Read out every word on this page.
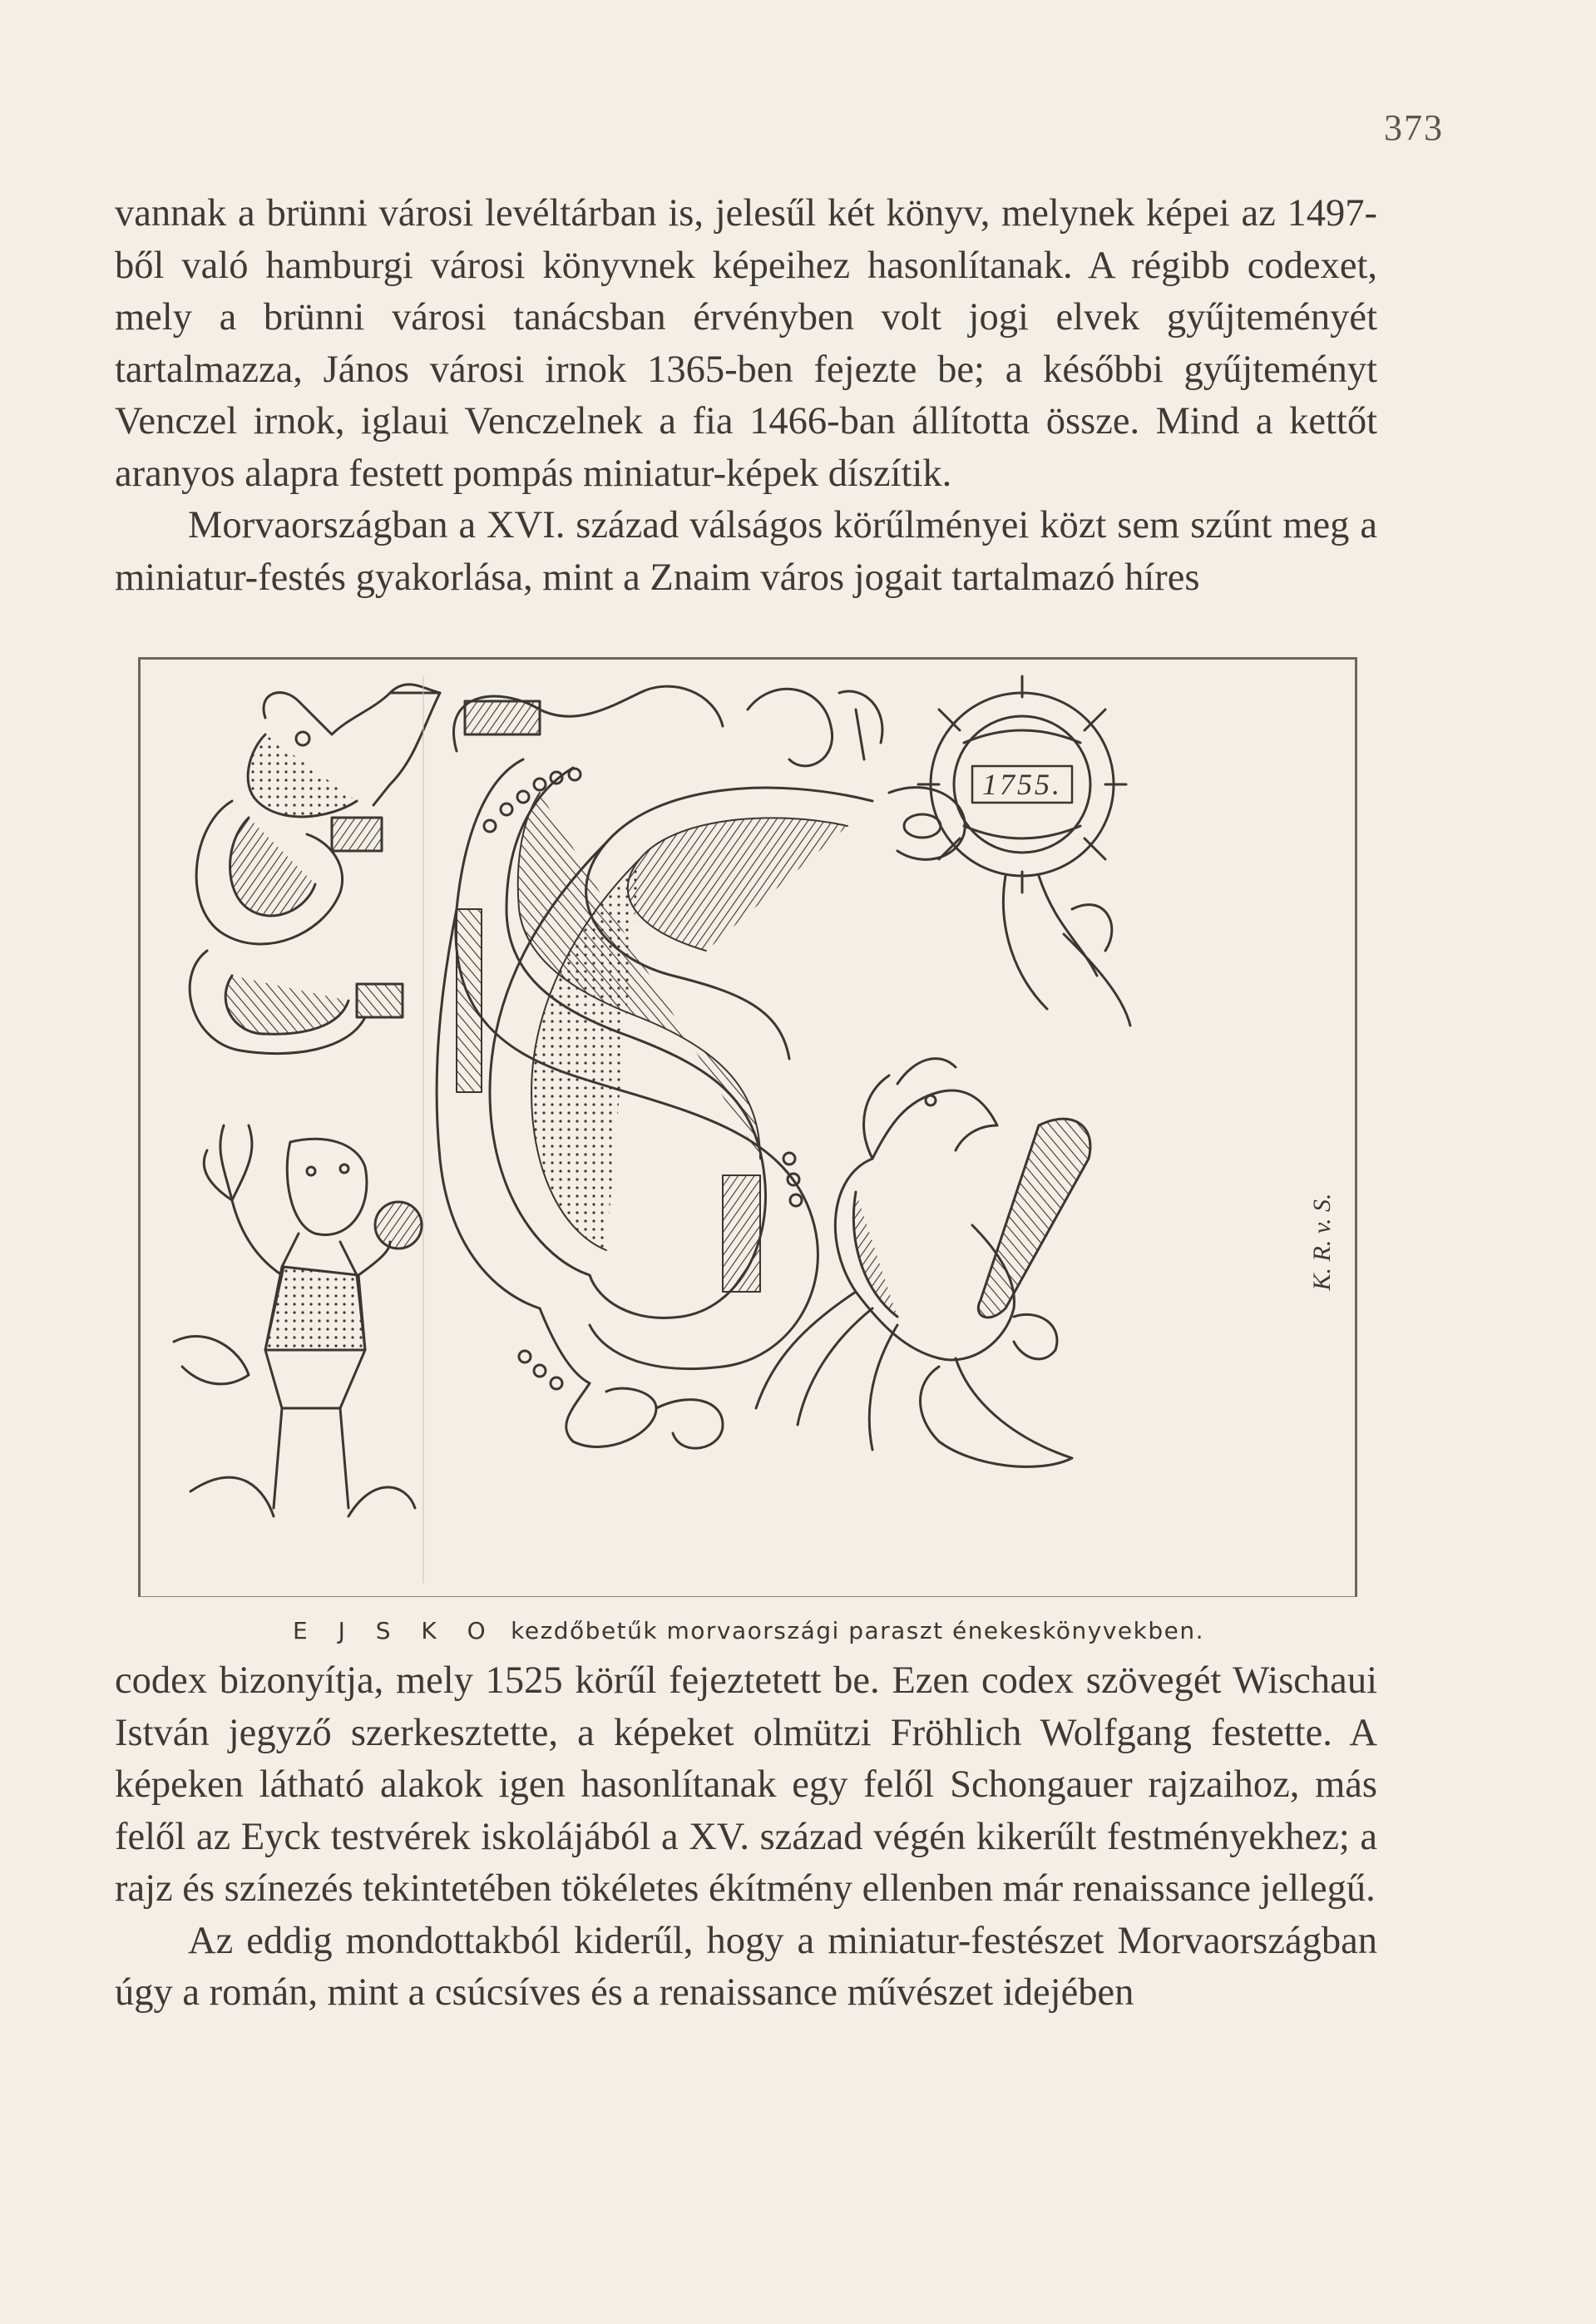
373

vannak a brünni városi levéltárban is, jelesűl két könyv, melynek képei az 1497-ből való hamburgi városi könyvnek képeihez hasonlítanak. A régibb codexet, mely a brünni városi tanácsban érvényben volt jogi elvek gyűjteményét tartalmazza, János városi irnok 1365-ben fejezte be; a későbbi gyűjteményt Venczel irnok, iglaui Venczelnek a fia 1466-ban állította össze. Mind a kettőt aranyos alapra festett pompás miniatur-képek díszítik.

Morvaországban a XVI. század válságos körűlményei közt sem szűnt meg a miniatur-festés gyakorlása, mint a Znaim város jogait tartalmazó híres

1755.
K. R. v. S.
E J S K O kezdőbetűk morvaországi paraszt énekeskönyvekben.

codex bizonyítja, mely 1525 körűl fejeztetett be. Ezen codex szövegét Wischaui István jegyző szerkesztette, a képeket olmützi Fröhlich Wolfgang festette. A képeken látható alakok igen hasonlítanak egy felől Schongauer rajzaihoz, más felől az Eyck testvérek iskolájából a XV. század végén kikerűlt festményekhez; a rajz és színezés tekintetében tökéletes ékítmény ellenben már renaissance jellegű.

Az eddig mondottakból kiderűl, hogy a miniatur-festészet Morvaországban úgy a román, mint a csúcsíves és a renaissance művészet idejében
